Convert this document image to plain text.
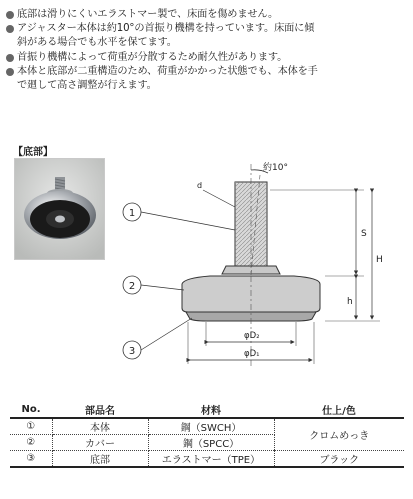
底部は滑りにくいエラストマー製で、床面を傷めません。
アジャスター本体は約10°の首振り機構を持っています。床面に傾
斜がある場合でも水平を保てます。
首振り機構によって荷重が分散するため耐久性があります。
本体と底部が二重構造のため、荷重がかかった状態でも、本体を手
で廻して高さ調整が行えます。
【底部】
約10°
d
S
H
h
φD₂
φD₁
1
2
3
No.	部品名	材料	仕上/色
①	本体	鋼（SWCH）	クロムめっき
②	カバー	鋼（SPCC）	
③	底部	エラストマー（TPE）	ブラック
